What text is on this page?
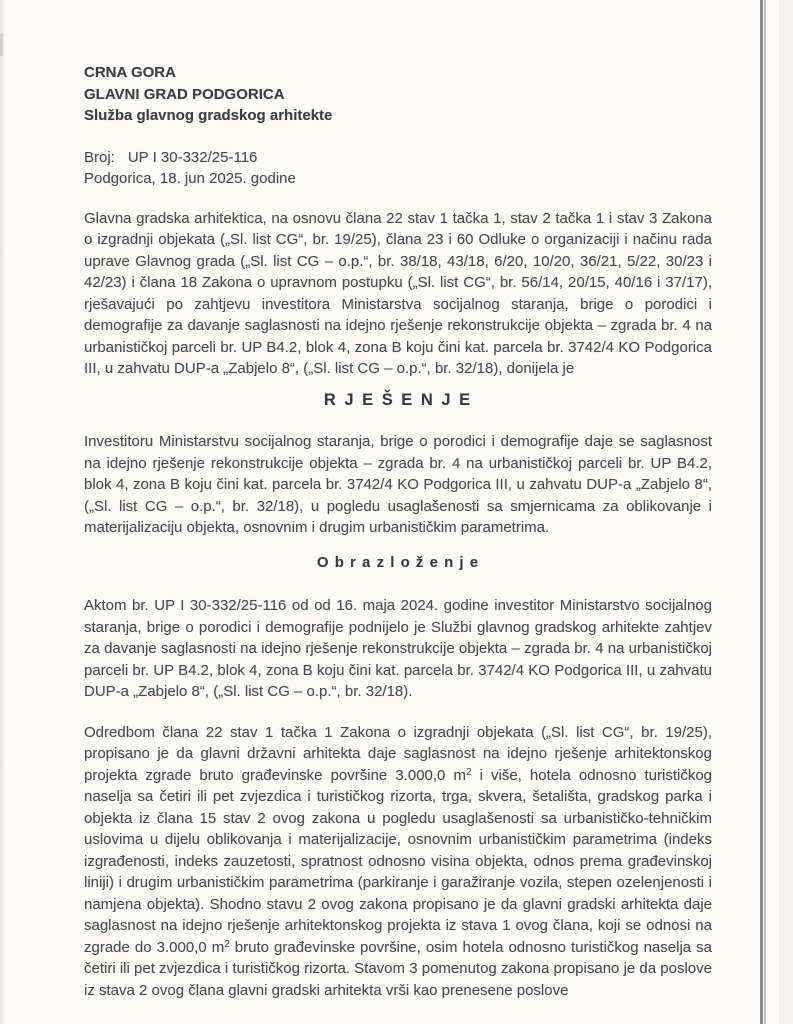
CRNA GORA
GLAVNI GRAD PODGORICA
Služba glavnog gradskog arhitekte
Broj: UP I 30-332/25-116
Podgorica, 18. jun 2025. godine

Glavna gradska arhitektica, na osnovu člana 22 stav 1 tačka 1, stav 2 tačka 1 i stav 3 Zakona o izgradnji objekata („Sl. list CG“, br. 19/25), člana 23 i 60 Odluke o organizaciji i načinu rada uprave Glavnog grada („Sl. list CG – o.p.“, br. 38/18, 43/18, 6/20, 10/20, 36/21, 5/22, 30/23 i 42/23) i člana 18 Zakona o upravnom postupku („Sl. list CG“, br. 56/14, 20/15, 40/16 i 37/17), rješavajući po zahtjevu investitora Ministarstva socijalnog staranja, brige o porodici i demografije za davanje saglasnosti na idejno rješenje rekonstrukcije objekta – zgrada br. 4 na urbanističkoj parceli br. UP B4.2, blok 4, zona B koju čini kat. parcela br. 3742/4 KO Podgorica III, u zahvatu DUP-a „Zabjelo 8“, („Sl. list CG – o.p.“, br. 32/18), donijela je

R J E Š E N J E

Investitoru Ministarstvu socijalnog staranja, brige o porodici i demografije daje se saglasnost na idejno rješenje rekonstrukcije objekta – zgrada br. 4 na urbanističkoj parceli br. UP B4.2, blok 4, zona B koju čini kat. parcela br. 3742/4 KO Podgorica III, u zahvatu DUP-a „Zabjelo 8“, („Sl. list CG – o.p.“, br. 32/18), u pogledu usaglašenosti sa smjernicama za oblikovanje i materijalizaciju objekta, osnovnim i drugim urbanističkim parametrima.

O b r a z l o ž e n j e

Aktom br. UP I 30-332/25-116 od od 16. maja 2024. godine investitor Ministarstvo socijalnog staranja, brige o porodici i demografije podnijelo je Službi glavnog gradskog arhitekte zahtjev za davanje saglasnosti na idejno rješenje rekonstrukcije objekta – zgrada br. 4 na urbanističkoj parceli br. UP B4.2, blok 4, zona B koju čini kat. parcela br. 3742/4 KO Podgorica III, u zahvatu DUP-a „Zabjelo 8“, („Sl. list CG – o.p.“, br. 32/18).

Odredbom člana 22 stav 1 tačka 1 Zakona o izgradnji objekata („Sl. list CG“, br. 19/25), propisano je da glavni državni arhitekta daje saglasnost na idejno rješenje arhitektonskog projekta zgrade bruto građevinske površine 3.000,0 $m^2$ i više, hotela odnosno turističkog naselja sa četiri ili pet zvjezdica i turističkog rizorta, trga, skvera, šetališta, gradskog parka i objekta iz člana 15 stav 2 ovog zakona u pogledu usaglašenosti sa urbanističko-tehničkim uslovima u dijelu oblikovanja i materijalizacije, osnovnim urbanističkim parametrima (indeks izgrađenosti, indeks zauzetosti, spratnost odnosno visina objekta, odnos prema građevinskoj liniji) i drugim urbanističkim parametrima (parkiranje i garažiranje vozila, stepen ozelenjenosti i namjena objekta). Shodno stavu 2 ovog zakona propisano je da glavni gradski arhitekta daje saglasnost na idejno rješenje arhitektonskog projekta iz stava 1 ovog člana, koji se odnosi na zgrade do 3.000,0 $m^2$ bruto građevinske površine, osim hotela odnosno turističkog naselja sa četiri ili pet zvjezdica i turističkog rizorta. Stavom 3 pomenutog zakona propisano je da poslove iz stava 2 ovog člana glavni gradski arhitekta vrši kao prenesene poslove
